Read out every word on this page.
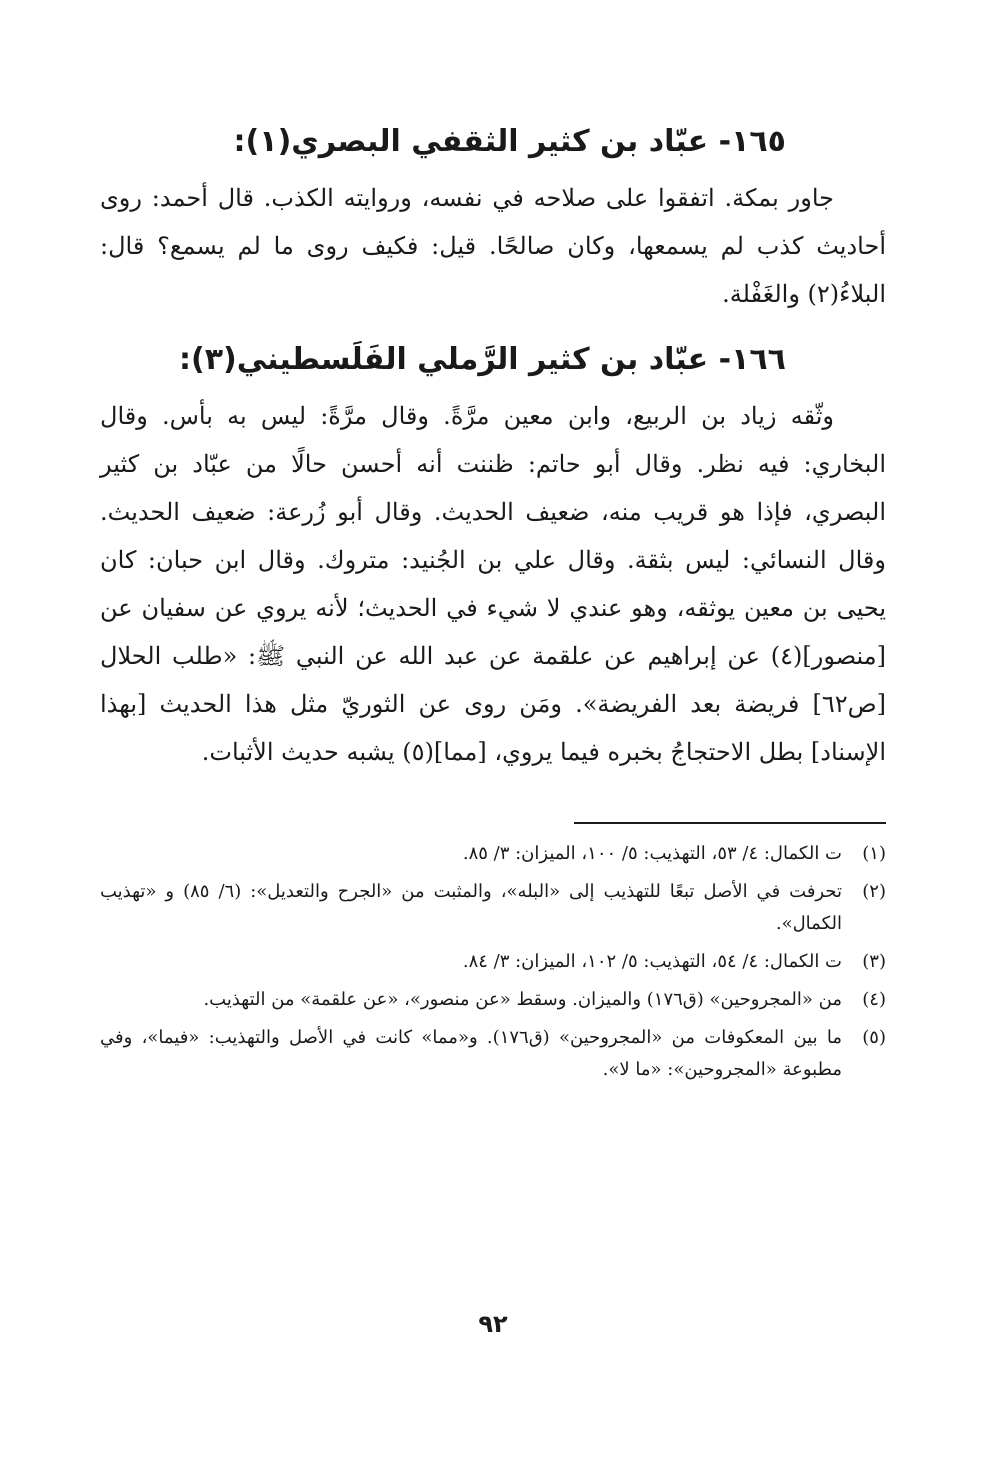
١٦٥- عبّاد بن كثير الثقفي البصري(١):

جاور بمكة. اتفقوا على صلاحه في نفسه، وروايته الكذب. قال أحمد: روى أحاديث كذب لم يسمعها، وكان صالحًا. قيل: فكيف روى ما لم يسمع؟ قال: البلاءُ(٢) والغَفْلة.

١٦٦- عبّاد بن كثير الرَّملي الفَلَسطيني(٣):

وثّقه زياد بن الربيع، وابن معين مرَّةً. وقال مرَّةً: ليس به بأس. وقال البخاري: فيه نظر. وقال أبو حاتم: ظننت أنه أحسن حالًا من عبّاد بن كثير البصري، فإذا هو قريب منه، ضعيف الحديث. وقال أبو زُرعة: ضعيف الحديث. وقال النسائي: ليس بثقة. وقال علي بن الجُنيد: متروك. وقال ابن حبان: كان يحيى بن معين يوثقه، وهو عندي لا شيء في الحديث؛ لأنه يروي عن سفيان عن [منصور](٤) عن إبراهيم عن علقمة عن عبد الله عن النبي ﷺ: «طلب الحلال [ص٦٢] فريضة بعد الفريضة». ومَن روى عن الثوريّ مثل هذا الحديث [بهذا الإسناد] بطل الاحتجاجُ بخبره فيما يروي، [مما](٥) يشبه حديث الأثبات.

(١)
ت الكمال: ٤/ ٥٣، التهذيب: ٥/ ١٠٠، الميزان: ٣/ ٨٥.
(٢)
تحرفت في الأصل تبعًا للتهذيب إلى «البله»، والمثبت من «الجرح والتعديل»: (٦/ ٨٥) و «تهذيب الكمال».
(٣)
ت الكمال: ٤/ ٥٤، التهذيب: ٥/ ١٠٢، الميزان: ٣/ ٨٤.
(٤)
من «المجروحين» (ق١٧٦) والميزان. وسقط «عن منصور»، «عن علقمة» من التهذيب.
(٥)
ما بين المعكوفات من «المجروحين» (ق١٧٦). و«مما» كانت في الأصل والتهذيب: «فيما»، وفي مطبوعة «المجروحين»: «ما لا».
٩٢
